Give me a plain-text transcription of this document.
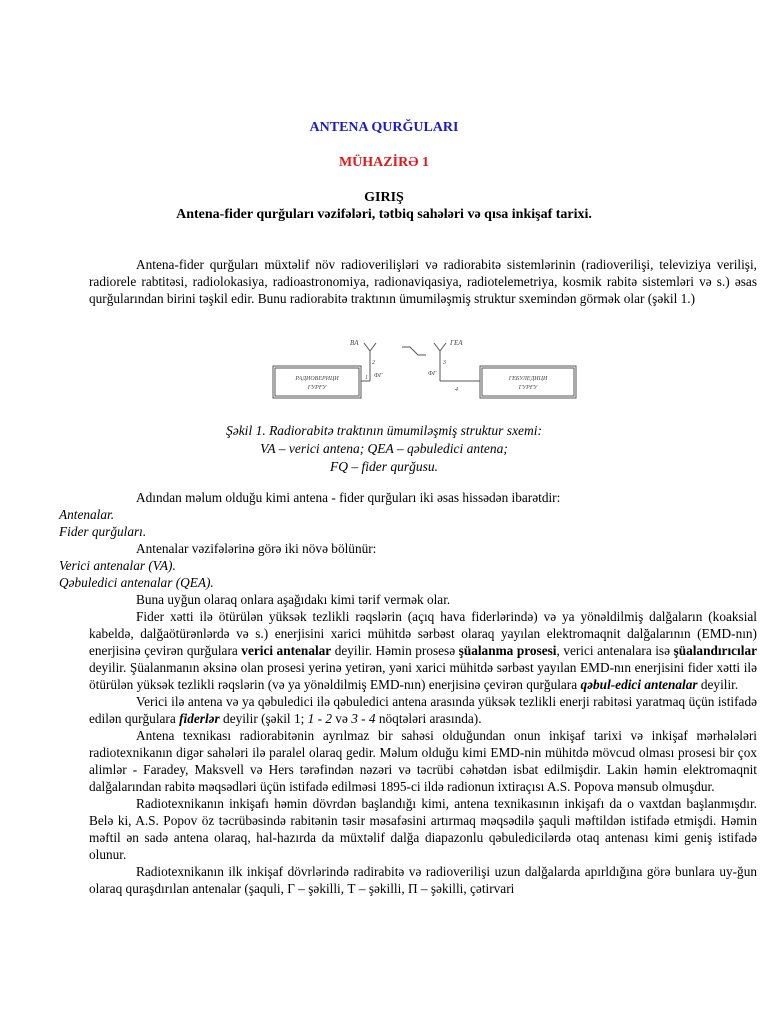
ANTENA QURĞULARI
MÜHAZİRƏ 1
GIRIŞ
Antena-fider qurğuları vəzifələri, tətbiq sahələri və qısa inkişaf tarixi.

Antena-fider qurğuları müxtəlif növ radioverilişləri və radiorabitə sistemlərinin (radioverilişi, televiziya verilişi, radiorele rabtitəsi, radiolokasiya, radioastronomiya, radionaviqasiya, radiotelemetriya, kosmik rabitə sistemləri və s.) əsas qurğularından birini təşkil edir. Bunu radiorabitə traktının ümumiləşmiş struktur sxemindən görmək olar (şəkil 1.)

BA	ГЕА
РАДИОВЕРИЦИ
ГУРҒУ
ГЕБУЛЕДИЦИ
ГУРҒУ
ФГ	ФГ
1
2	3
4
Şəkil 1. Radiorabitə traktının ümumiləşmiş struktur sxemi:
VA – verici antena; QEA – qəbuledici antena;
FQ – fider qurğusu.

Adından məlum olduğu kimi antena - fider qurğuları iki əsas hissədən ibarətdir:

Antenalar.

Fider qurğuları.

Antenalar vəzifələrinə görə iki növə bölünür:

Verici antenalar (VA).

Qəbuledici antenalar (QEA).

Buna uyğun olaraq onlara aşağıdakı kimi tərif vermək olar.

Fider xətti ilə ötürülən yüksək tezlikli rəqslərin (açıq hava fiderlərində) və ya yönəldilmiş dalğaların (koaksial kabeldə, dalğaötürənlərdə və s.) enerjisini xarici mühitdə sərbəst olaraq yayılan elektromaqnit dalğalarının (EMD-nın) enerjisinə çevirən qurğulara verici antenalar deyilir. Həmin prosesə şüalanma prosesi, verici antenalara isə şüalandırıcılar deyilir. Şüalanmanın əksinə olan prosesi yerinə yetirən, yəni xarici mühitdə sərbəst yayılan EMD-nın enerjisini fider xətti ilə ötürülən yüksək tezlikli rəqslərin (və ya yönəldilmiş EMD-nın) enerjisinə çevirən qurğulara qəbul-edici antenalar deyilir.

Verici ilə antena və ya qəbuledici ilə qəbuledici antena arasında yüksək tezlikli enerji rabitəsi yaratmaq üçün istifadə edilən qurğulara fiderlər deyilir (şəkil 1; 1 - 2 və 3 - 4 nöqtələri arasında).

Antena texnikası radiorabitənin ayrılmaz bir sahəsi olduğundan onun inkişaf tarixi və inkişaf mərhələləri radiotexnikanın digər sahələri ilə paralel olaraq gedir. Məlum olduğu kimi EMD-nin mühitdə mövcud olması prosesi bir çox alimlər - Faradey, Maksvell və Hers tərəfindən nəzəri və təcrübi cəhətdən isbat edilmişdir. Lakin həmin elektromaqnit dalğalarından rabitə məqsədləri üçün istifadə edilməsi 1895-ci ildə radionun ixtiraçısı A.S. Popova mənsub olmuşdur.

Radiotexnikanın inkişafı həmin dövrdən başlandığı kimi, antena texnikasının inkişafı da o vaxtdan başlanmışdır. Belə ki, A.S. Popov öz təcrübəsində rabitənin təsir məsafəsini artırmaq məqsədilə şaquli məftildən istifadə etmişdi. Həmin məftil ən sadə antena olaraq, hal-hazırda da müxtəlif dalğa diapazonlu qəbuledicilərdə otaq antenası kimi geniş istifadə olunur.

Radiotexnikanın ilk inkişaf dövrlərində radirabitə və radioverilişi uzun dalğalarda apırldığına görə bunlara uy-ğun olaraq quraşdırılan antenalar (şaquli, Г – şəkilli, Т – şəkilli, П – şəkilli, çətirvari
